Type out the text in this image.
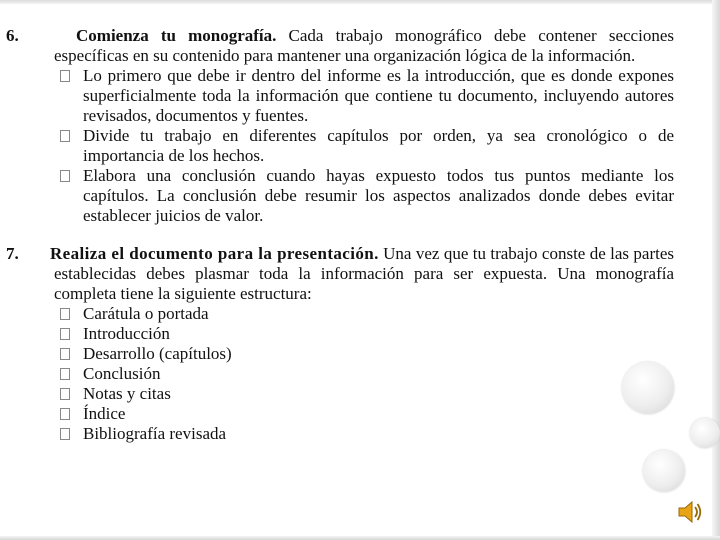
6.	Comienza tu monografía. Cada trabajo monográfico debe contener secciones específicas en su contenido para mantener una organización lógica de la información.

Lo primero que debe ir dentro del informe es la introducción, que es donde expones superficialmente toda la información que contiene tu documento, incluyendo autores revisados, documentos y fuentes.
Divide tu trabajo en diferentes capítulos por orden, ya sea cronológico o de importancia de los hechos.
Elabora una conclusión cuando hayas expuesto todos tus puntos mediante los capítulos. La conclusión debe resumir los aspectos analizados donde debes evitar establecer juicios de valor.

7. Realiza el documento para la presentación. Una vez que tu trabajo conste de las partes establecidas debes plasmar toda la información para ser expuesta. Una monografía completa tiene la siguiente estructura:

Carátula o portada
Introducción
Desarrollo (capítulos)
Conclusión
Notas y citas
Índice
Bibliografía revisada
